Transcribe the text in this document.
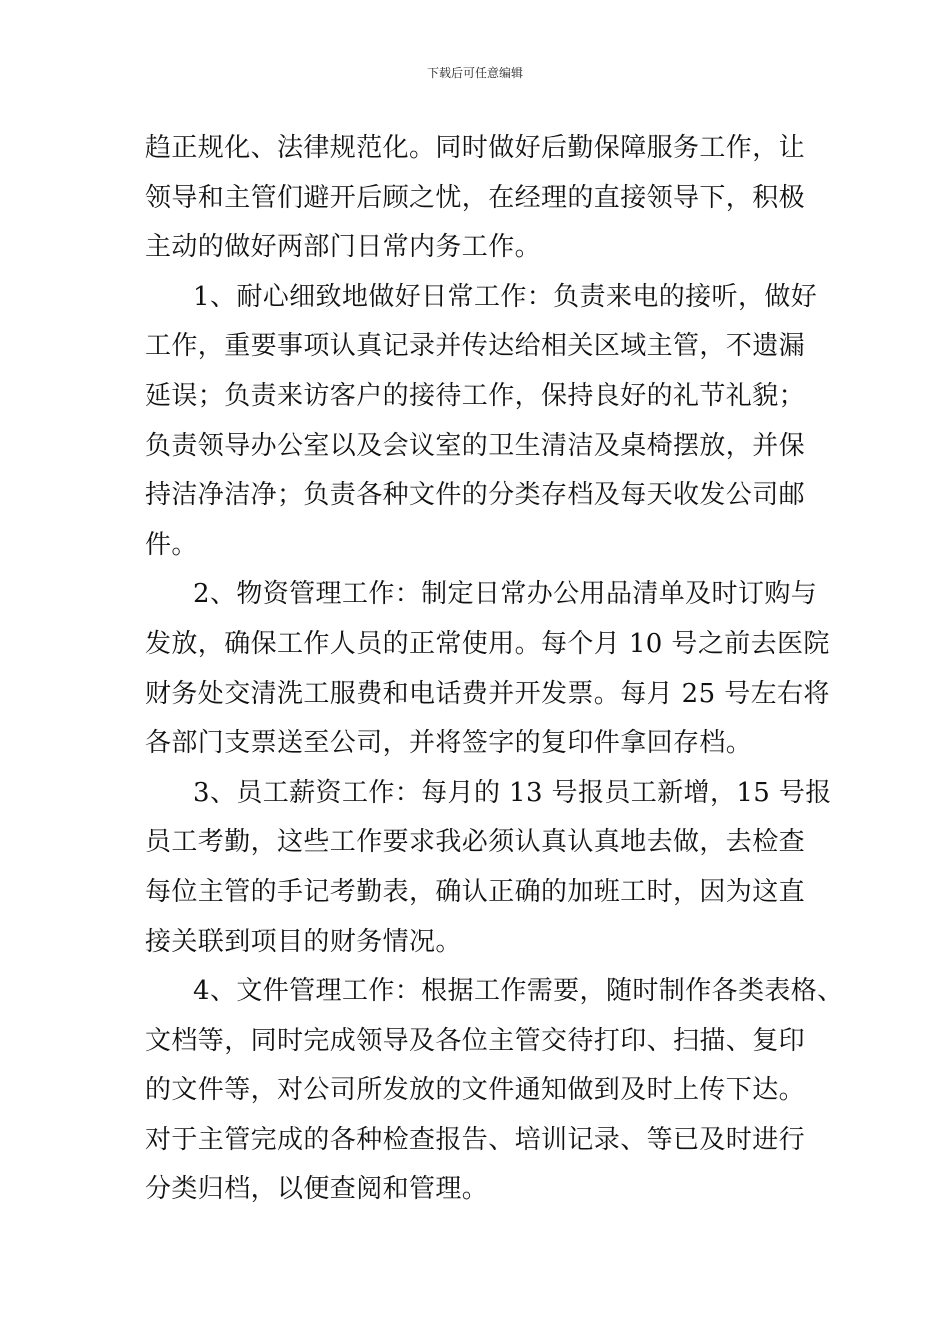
下载后可任意编辑
趋正规化、法律规范化。同时做好后勤保障服务工作，让
领导和主管们避开后顾之忧，在经理的直接领导下，积极
主动的做好两部门日常内务工作。
1、耐心细致地做好日常工作：负责来电的接听，做好
工作，重要事项认真记录并传达给相关区域主管，不遗漏
延误；负责来访客户的接待工作，保持良好的礼节礼貌；
负责领导办公室以及会议室的卫生清洁及桌椅摆放，并保
持洁净洁净；负责各种文件的分类存档及每天收发公司邮
件。
2、物资管理工作：制定日常办公用品清单及时订购与
发放，确保工作人员的正常使用。每个月 10 号之前去医院
财务处交清洗工服费和电话费并开发票。每月 25 号左右将
各部门支票送至公司，并将签字的复印件拿回存档。
3、员工薪资工作：每月的 13 号报员工新增，15 号报
员工考勤，这些工作要求我必须认真认真地去做，去检查
每位主管的手记考勤表，确认正确的加班工时，因为这直
接关联到项目的财务情况。
4、文件管理工作：根据工作需要，随时制作各类表格、
文档等，同时完成领导及各位主管交待打印、扫描、复印
的文件等，对公司所发放的文件通知做到及时上传下达。
对于主管完成的各种检查报告、培训记录、等已及时进行
分类归档，以便查阅和管理。
